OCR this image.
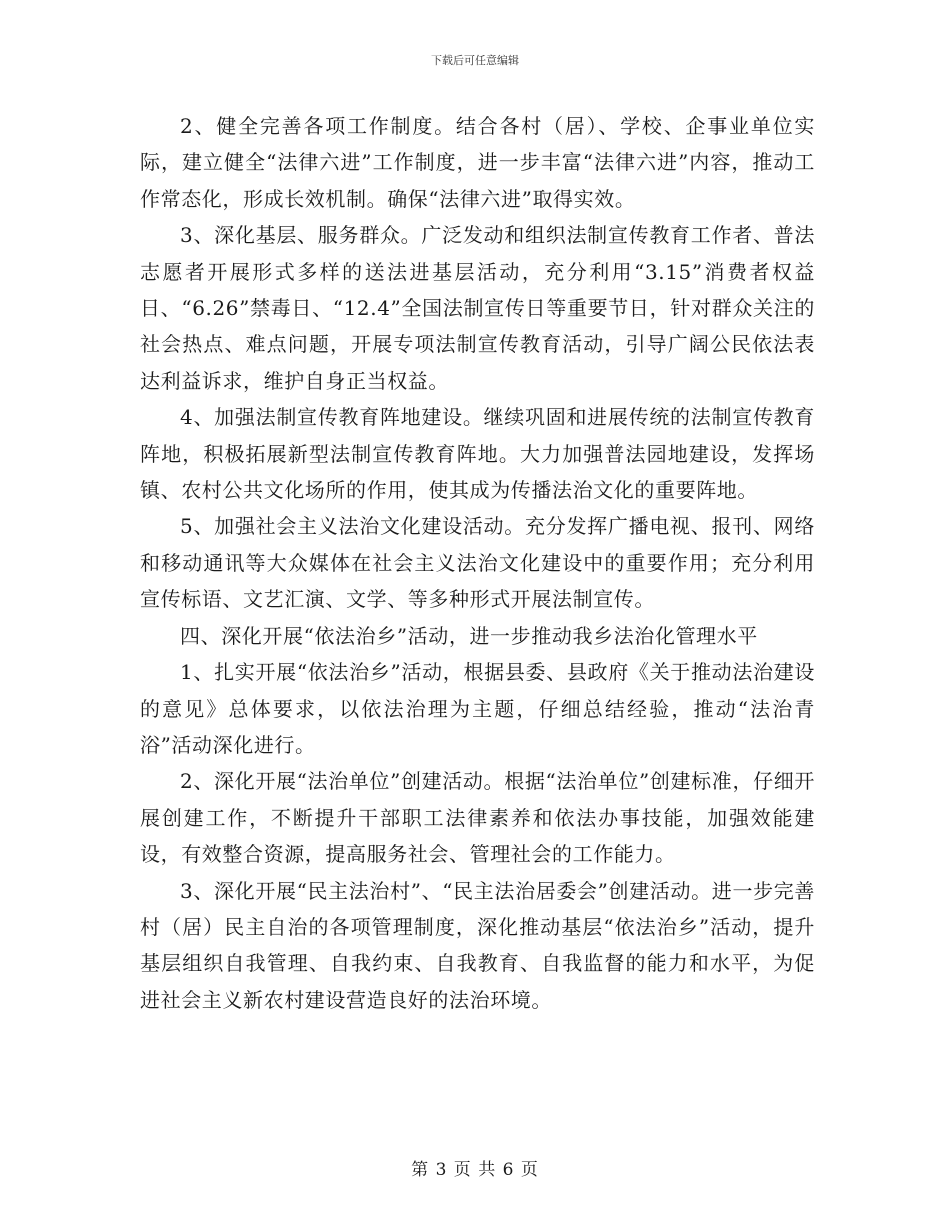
下载后可任意编辑

2、健全完善各项工作制度。结合各村（居）、学校、企事业单位实际，建立健全“法律六进”工作制度，进一步丰富“法律六进”内容，推动工作常态化，形成长效机制。确保“法律六进”取得实效。

3、深化基层、服务群众。广泛发动和组织法制宣传教育工作者、普法志愿者开展形式多样的送法进基层活动，充分利用“3.15”消费者权益日、“6.26”禁毒日、“12.4”全国法制宣传日等重要节日，针对群众关注的社会热点、难点问题，开展专项法制宣传教育活动，引导广阔公民依法表达利益诉求，维护自身正当权益。

4、加强法制宣传教育阵地建设。继续巩固和进展传统的法制宣传教育阵地，积极拓展新型法制宣传教育阵地。大力加强普法园地建设，发挥场镇、农村公共文化场所的作用，使其成为传播法治文化的重要阵地。

5、加强社会主义法治文化建设活动。充分发挥广播电视、报刊、网络和移动通讯等大众媒体在社会主义法治文化建设中的重要作用；充分利用宣传标语、文艺汇演、文学、等多种形式开展法制宣传。

四、深化开展“依法治乡”活动，进一步推动我乡法治化管理水平

1、扎实开展“依法治乡”活动，根据县委、县政府《关于推动法治建设的意见》总体要求，以依法治理为主题，仔细总结经验，推动“法治青浴”活动深化进行。

2、深化开展“法治单位”创建活动。根据“法治单位”创建标准，仔细开展创建工作，不断提升干部职工法律素养和依法办事技能，加强效能建设，有效整合资源，提高服务社会、管理社会的工作能力。

3、深化开展“民主法治村”、“民主法治居委会”创建活动。进一步完善村（居）民主自治的各项管理制度，深化推动基层“依法治乡”活动，提升基层组织自我管理、自我约束、自我教育、自我监督的能力和水平，为促进社会主义新农村建设营造良好的法治环境。

第 3 页 共 6 页
